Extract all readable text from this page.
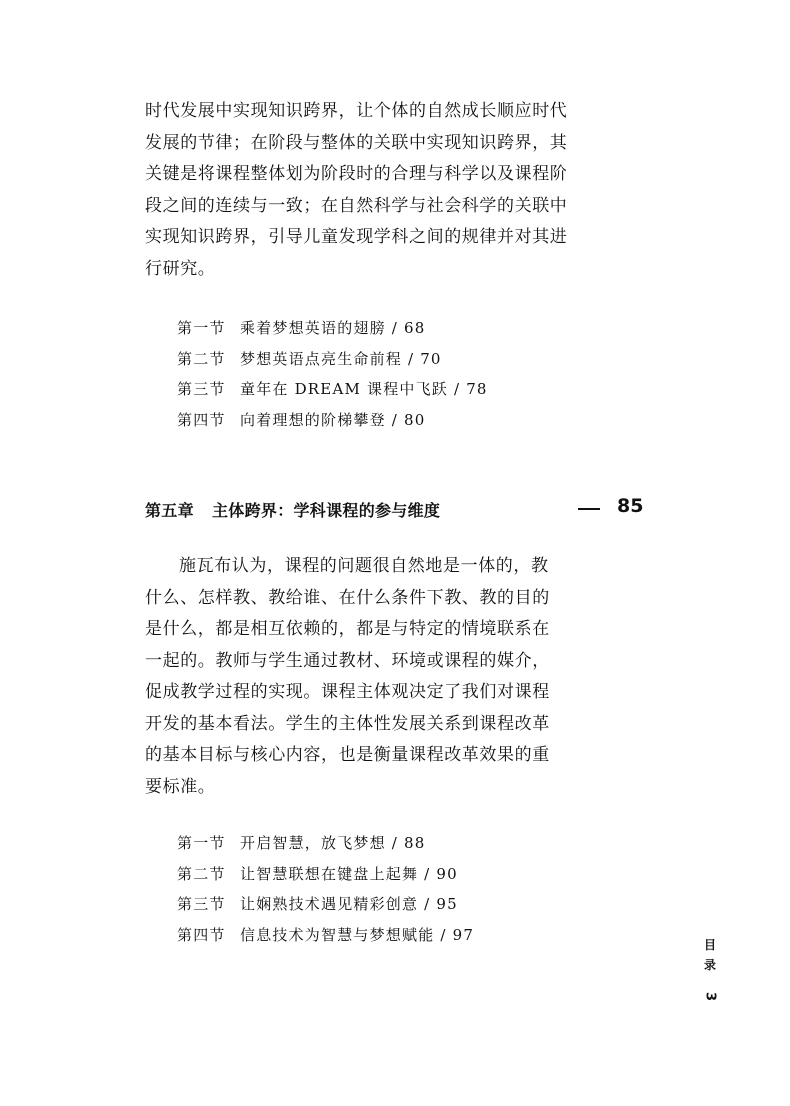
时代发展中实现知识跨界，让个体的自然成长顺应时代
发展的节律；在阶段与整体的关联中实现知识跨界，其
关键是将课程整体划为阶段时的合理与科学以及课程阶
段之间的连续与一致；在自然科学与社会科学的关联中
实现知识跨界，引导儿童发现学科之间的规律并对其进
行研究。
第一节 乘着梦想英语的翅膀 / 68
第二节 梦想英语点亮生命前程 / 70
第三节 童年在 DREAM 课程中飞跃 / 78
第四节 向着理想的阶梯攀登 / 80
第五章 主体跨界：学科课程的参与维度	85
施瓦布认为，课程的问题很自然地是一体的，教
什么、怎样教、教给谁、在什么条件下教、教的目的
是什么，都是相互依赖的，都是与特定的情境联系在
一起的。教师与学生通过教材、环境或课程的媒介，
促成教学过程的实现。课程主体观决定了我们对课程
开发的基本看法。学生的主体性发展关系到课程改革
的基本目标与核心内容，也是衡量课程改革效果的重
要标准。
第一节 开启智慧，放飞梦想 / 88
第二节 让智慧联想在键盘上起舞 / 90
第三节 让娴熟技术遇见精彩创意 / 95
第四节 信息技术为智慧与梦想赋能 / 97
目录
3
